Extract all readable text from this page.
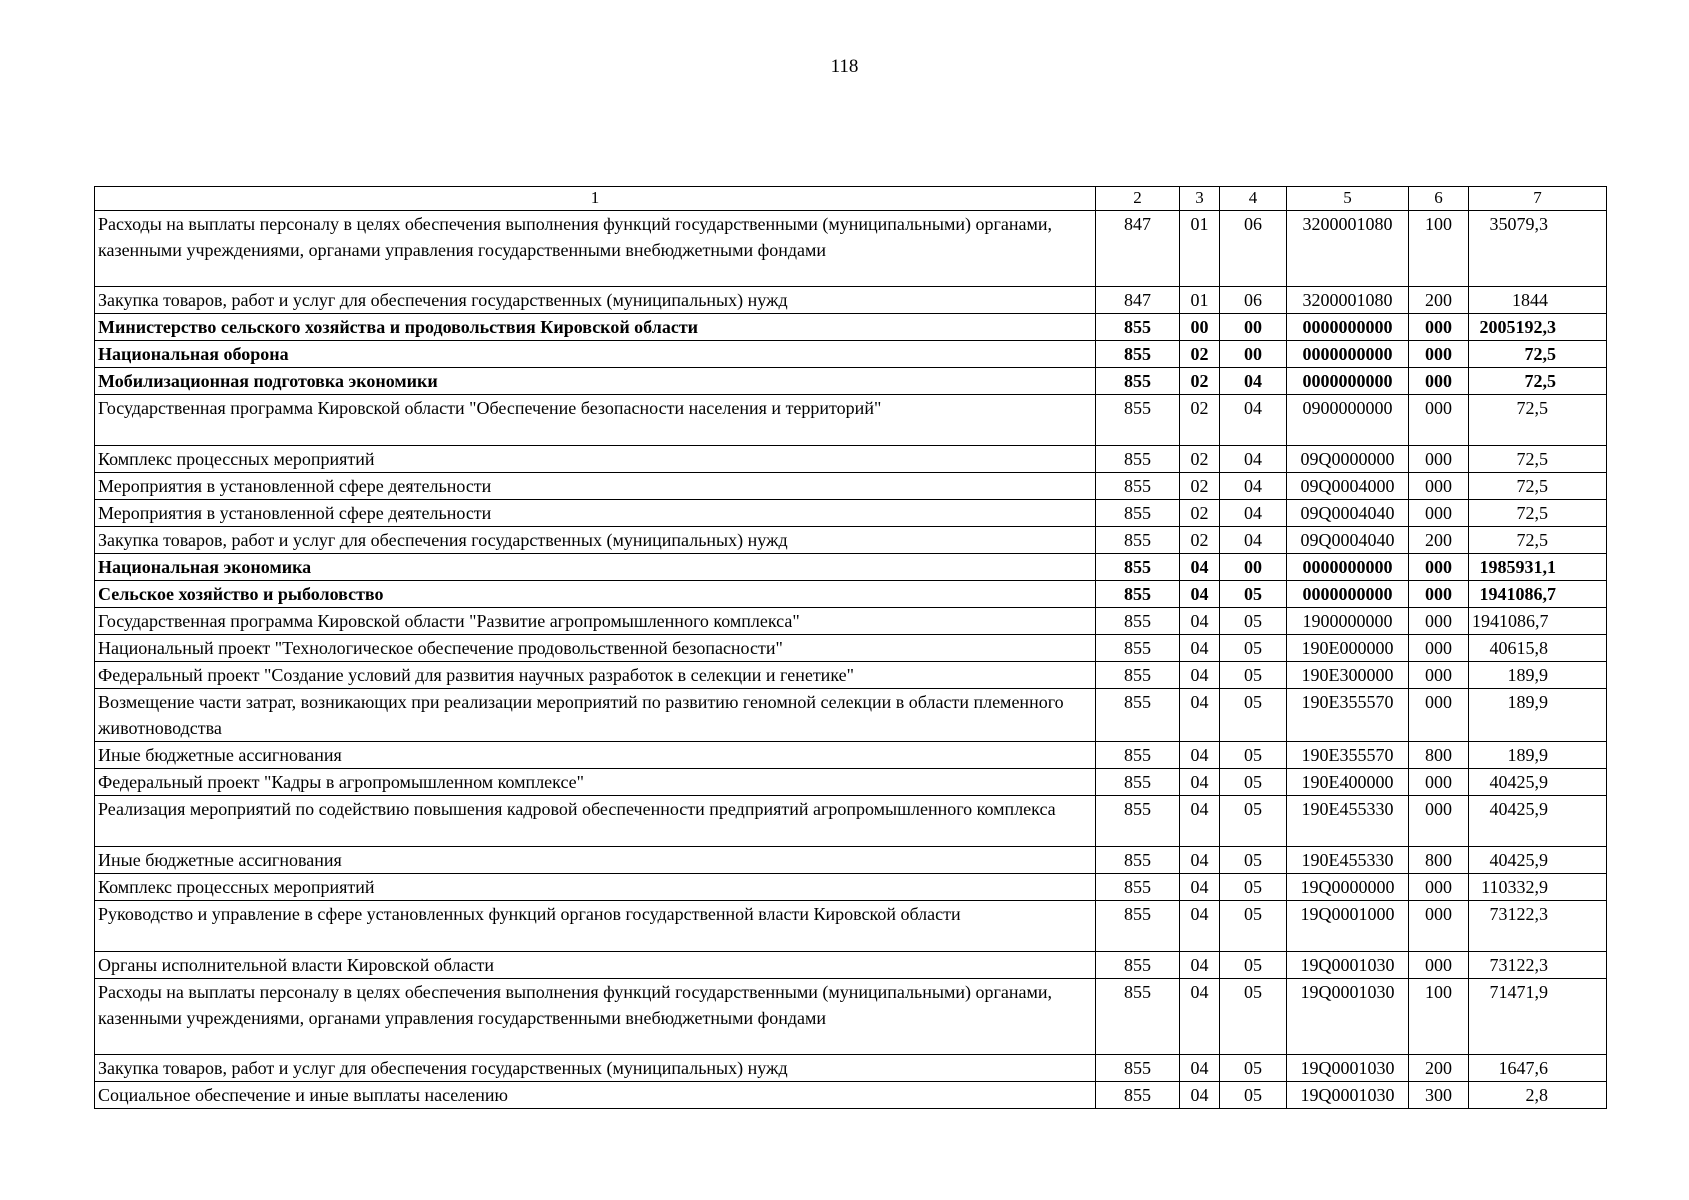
118
1	2	3	4	5	6	7
Расходы на выплаты персоналу в целях обеспечения выполнения функций государственными (муниципальными) органами, казенными учреждениями, органами управления государственными внебюджетными фондами	847	01	06	3200001080	100	35079,3
Закупка товаров, работ и услуг для обеспечения государственных (муниципальных) нужд	847	01	06	3200001080	200	1844
Министерство сельского хозяйства и продовольствия Кировской области	855	00	00	0000000000	000	2005192,3
Национальная оборона	855	02	00	0000000000	000	72,5
Мобилизационная подготовка экономики	855	02	04	0000000000	000	72,5
Государственная программа Кировской области "Обеспечение безопасности населения и территорий"	855	02	04	0900000000	000	72,5
Комплекс процессных мероприятий	855	02	04	09Q0000000	000	72,5
Мероприятия в установленной сфере деятельности	855	02	04	09Q0004000	000	72,5
Мероприятия в установленной сфере деятельности	855	02	04	09Q0004040	000	72,5
Закупка товаров, работ и услуг для обеспечения государственных (муниципальных) нужд	855	02	04	09Q0004040	200	72,5
Национальная экономика	855	04	00	0000000000	000	1985931,1
Сельское хозяйство и рыболовство	855	04	05	0000000000	000	1941086,7
Государственная программа Кировской области "Развитие агропромышленного комплекса"	855	04	05	1900000000	000	1941086,7
Национальный проект "Технологическое обеспечение продовольственной безопасности"	855	04	05	190E000000	000	40615,8
Федеральный проект "Создание условий для развития научных разработок в селекции и генетике"	855	04	05	190E300000	000	189,9
Возмещение части затрат, возникающих при реализации мероприятий по развитию геномной селекции в области племенного животноводства	855	04	05	190E355570	000	189,9
Иные бюджетные ассигнования	855	04	05	190E355570	800	189,9
Федеральный проект "Кадры в агропромышленном комплексе"	855	04	05	190E400000	000	40425,9
Реализация мероприятий по содействию повышения кадровой обеспеченности предприятий агропромышленного комплекса	855	04	05	190E455330	000	40425,9
Иные бюджетные ассигнования	855	04	05	190E455330	800	40425,9
Комплекс процессных мероприятий	855	04	05	19Q0000000	000	110332,9
Руководство и управление в сфере установленных функций органов государственной власти Кировской области	855	04	05	19Q0001000	000	73122,3
Органы исполнительной власти Кировской области	855	04	05	19Q0001030	000	73122,3
Расходы на выплаты персоналу в целях обеспечения выполнения функций государственными (муниципальными) органами, казенными учреждениями, органами управления государственными внебюджетными фондами	855	04	05	19Q0001030	100	71471,9
Закупка товаров, работ и услуг для обеспечения государственных (муниципальных) нужд	855	04	05	19Q0001030	200	1647,6
Социальное обеспечение и иные выплаты населению	855	04	05	19Q0001030	300	2,8
